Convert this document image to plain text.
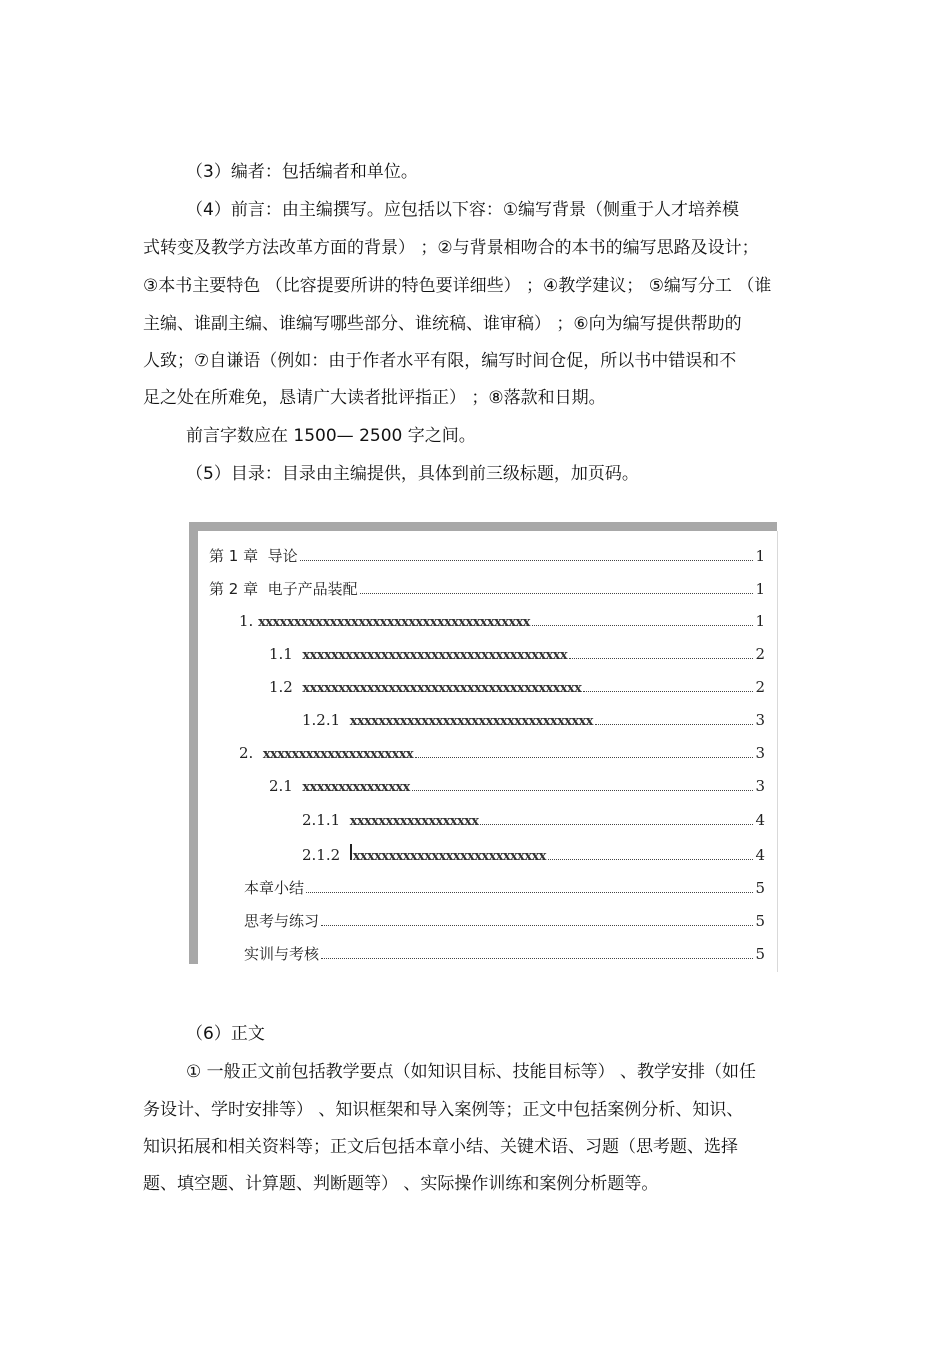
（3）编者：包括编者和单位。

（4）前言：由主编撰写。应包括以下容：①编写背景（侧重于人才培养模

式转变及教学方法改革方面的背景） ；②与背景相吻合的本书的编写思路及设计；

③本书主要特色 （比容提要所讲的特色要详细些） ；④教学建议； ⑤编写分工 （谁

主编、谁副主编、谁编写哪些部分、谁统稿、谁审稿） ；⑥向为编写提供帮助的

人致；⑦自谦语（例如：由于作者水平有限，编写时间仓促，所以书中错误和不

足之处在所难免，恳请广大读者批评指正） ；⑧落款和日期。

前言字数应在 1500— 2500 字之间。

（5）目录：目录由主编提供，具体到前三级标题，加页码。

第 1 章 导论	1
第 2 章 电子产品装配	1
1. xxxxxxxxxxxxxxxxxxxxxxxxxxxxxxxxxxxxxx	1
1.1 xxxxxxxxxxxxxxxxxxxxxxxxxxxxxxxxxxxxx	2
1.2 xxxxxxxxxxxxxxxxxxxxxxxxxxxxxxxxxxxxxxx	2
1.2.1 xxxxxxxxxxxxxxxxxxxxxxxxxxxxxxxxxx	3
2. xxxxxxxxxxxxxxxxxxxxx	3
2.1 xxxxxxxxxxxxxxx	3
2.1.1 xxxxxxxxxxxxxxxxxx	4
2.1.2 xxxxxxxxxxxxxxxxxxxxxxxxxxx	4
本章小结	5
思考与练习	5
实训与考核	5

（6）正文

① 一般正文前包括教学要点（如知识目标、技能目标等） 、教学安排（如任

务设计、学时安排等） 、知识框架和导入案例等；正文中包括案例分析、知识、

知识拓展和相关资料等；正文后包括本章小结、关键术语、习题（思考题、选择

题、填空题、计算题、判断题等） 、实际操作训练和案例分析题等。
